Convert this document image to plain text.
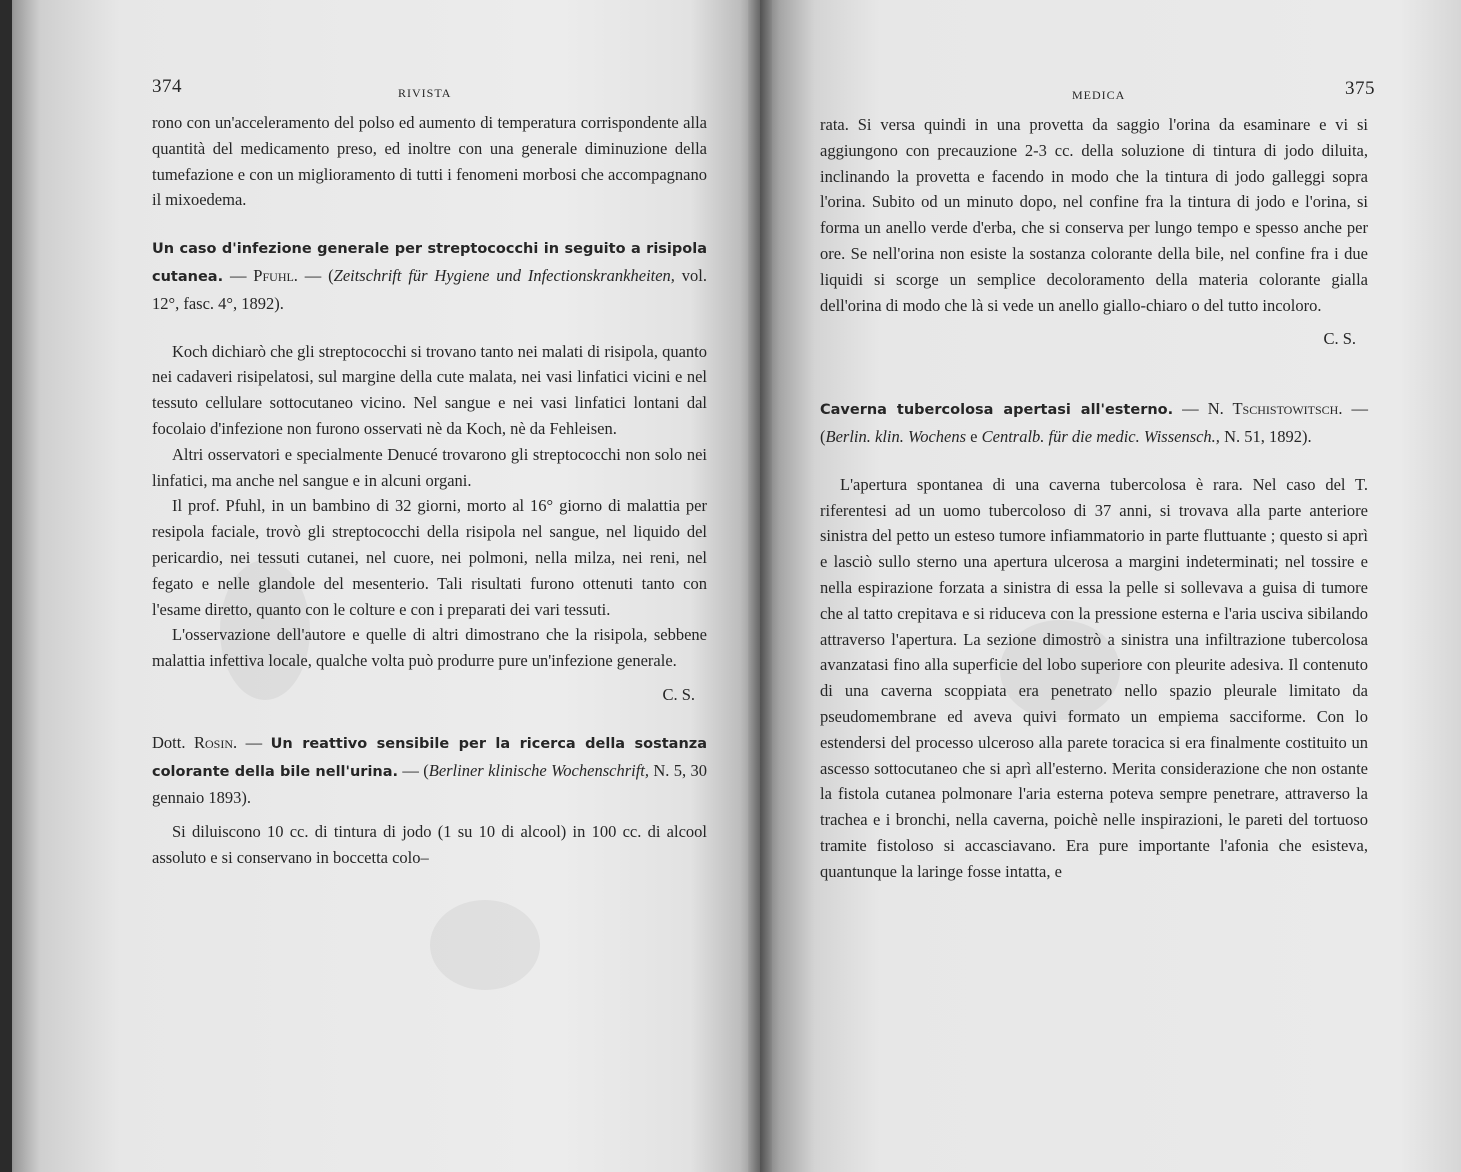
374	RIVISTA

rono con un'acceleramento del polso ed aumento di temperatura corrispondente alla quantità del medicamento preso, ed inoltre con una generale diminuzione della tumefazione e con un miglioramento di tutti i fenomeni morbosi che accompagnano il mixoedema.

Un caso d'infezione generale per streptococchi in seguito a risipola cutanea. — Pfuhl. — (Zeitschrift für Hygiene und Infectionskrankheiten, vol. 12°, fasc. 4°, 1892).

Koch dichiarò che gli streptococchi si trovano tanto nei malati di risipola, quanto nei cadaveri risipelatosi, sul margine della cute malata, nei vasi linfatici vicini e nel tessuto cellulare sottocutaneo vicino. Nel sangue e nei vasi linfatici lontani dal focolaio d'infezione non furono osservati nè da Koch, nè da Fehleisen.

Altri osservatori e specialmente Denucé trovarono gli streptococchi non solo nei linfatici, ma anche nel sangue e in alcuni organi.

Il prof. Pfuhl, in un bambino di 32 giorni, morto al 16° giorno di malattia per resipola faciale, trovò gli streptococchi della risipola nel sangue, nel liquido del pericardio, nei tessuti cutanei, nel cuore, nei polmoni, nella milza, nei reni, nel fegato e nelle glandole del mesenterio. Tali risultati furono ottenuti tanto con l'esame diretto, quanto con le colture e con i preparati dei vari tessuti.

L'osservazione dell'autore e quelle di altri dimostrano che la risipola, sebbene malattia infettiva locale, qualche volta può produrre pure un'infezione generale.

C. S.

Dott. Rosin. — Un reattivo sensibile per la ricerca della sostanza colorante della bile nell'urina. — (Berliner klinische Wochenschrift, N. 5, 30 gennaio 1893).

Si diluiscono 10 cc. di tintura di jodo (1 su 10 di alcool) in 100 cc. di alcool assoluto e si conservano in boccetta colo–

MEDICA	375

rata. Si versa quindi in una provetta da saggio l'orina da esaminare e vi si aggiungono con precauzione 2-3 cc. della soluzione di tintura di jodo diluita, inclinando la provetta e facendo in modo che la tintura di jodo galleggi sopra l'orina. Subito od un minuto dopo, nel confine fra la tintura di jodo e l'orina, si forma un anello verde d'erba, che si conserva per lungo tempo e spesso anche per ore. Se nell'orina non esiste la sostanza colorante della bile, nel confine fra i due liquidi si scorge un semplice decoloramento della materia colorante gialla dell'orina di modo che là si vede un anello giallo-chiaro o del tutto incoloro.

C. S.

Caverna tubercolosa apertasi all'esterno. — N. Tschistowitsch. — (Berlin. klin. Wochens e Centralb. für die medic. Wissensch., N. 51, 1892).

L'apertura spontanea di una caverna tubercolosa è rara. Nel caso del T. riferentesi ad un uomo tubercoloso di 37 anni, si trovava alla parte anteriore sinistra del petto un esteso tumore infiammatorio in parte fluttuante ; questo si aprì e lasciò sullo sterno una apertura ulcerosa a margini indeterminati; nel tossire e nella espirazione forzata a sinistra di essa la pelle si sollevava a guisa di tumore che al tatto crepitava e si riduceva con la pressione esterna e l'aria usciva sibilando attraverso l'apertura. La sezione dimostrò a sinistra una infiltrazione tubercolosa avanzatasi fino alla superficie del lobo superiore con pleurite adesiva. Il contenuto di una caverna scoppiata era penetrato nello spazio pleurale limitato da pseudomembrane ed aveva quivi formato un empiema sacciforme. Con lo estendersi del processo ulceroso alla parete toracica si era finalmente costituito un ascesso sottocutaneo che si aprì all'esterno. Merita considerazione che non ostante la fistola cutanea polmonare l'aria esterna poteva sempre penetrare, attraverso la trachea e i bronchi, nella caverna, poichè nelle inspirazioni, le pareti del tortuoso tramite fistoloso si accasciavano. Era pure importante l'afonia che esisteva, quantunque la laringe fosse intatta, e
